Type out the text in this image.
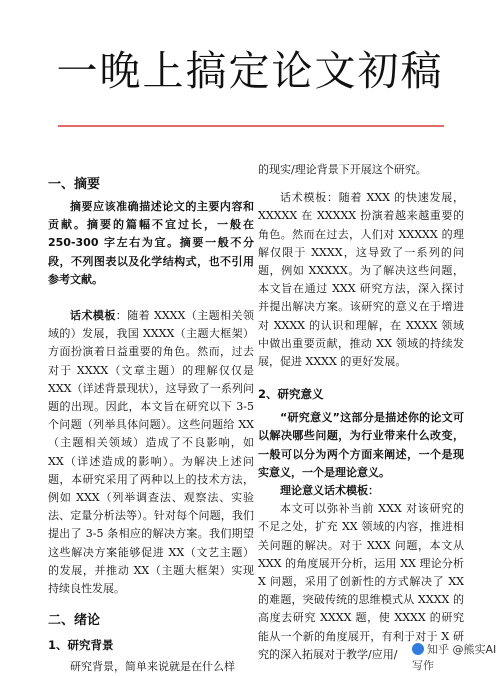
一晚上搞定论文初稿
一、摘要

摘要应该准确描述论文的主要内容和贡献。摘要的篇幅不宜过长，一般在 250-300 字左右为宜。摘要一般不分段，不列图表以及化学结构式，也不引用参考文献。

话术模板：随着 XXXX（主题相关领域的）发展，我国 XXXX（主题大框架）方面扮演着日益重要的角色。然而，过去对于 XXXX（文章主题）的理解仅仅是 XXX（详述背景现状），这导致了一系列问题的出现。因此，本文旨在研究以下 3-5 个问题（列举具体问题）。这些问题给 XX（主题相关领域）造成了不良影响，如 XX（详述造成的影响）。为解决上述问题，本研究采用了两种以上的技术方法，例如 XXX（列举调查法、观察法、实验法、定量分析法等）。针对每个问题，我们提出了 3-5 条相应的解决方案。我们期望这些解决方案能够促进 XX（文艺主题）的发展，并推动 XX（主题大框架）实现持续良性发展。

二、绪论
1、研究背景

研究背景，简单来说就是在什么样

的现实/理论背景下开展这个研究。

话术模板：随着 XXX 的快速发展，XXXXX 在 XXXXX 扮演着越来越重要的角色。然而在过去，人们对 XXXXX 的理解仅限于 XXXX，这导致了一系列的问题，例如 XXXXX。为了解决这些问题，本文旨在通过 XXX 研究方法，深入探讨并提出解决方案。该研究的意义在于增进对 XXXX 的认识和理解，在 XXXX 领域中做出重要贡献，推动 XX 领域的持续发展，促进 XXXX 的更好发展。

2、研究意义

“研究意义”这部分是描述你的论文可以解决哪些问题，为行业带来什么改变，一般可以分为两个方面来阐述，一个是现实意义，一个是理论意义。

理论意义话术模板：

本文可以弥补当前 XXX 对该研究的不足之处，扩充 XX 领域的内容，推进相关问题的解决。对于 XXX 问题，本文从 XXX 的角度展开分析，运用 XX 理论分析 X 问题，采用了创新性的方式解决了 XX 的难题，突破传统的思维模式从 XXXX 的高度去研究 XXXX 题，使 XXXX 的研究能从一个新的角度展开，有利于对于 X 研究的深入拓展对于教学/应用/	知乎 @熊实AI写作
